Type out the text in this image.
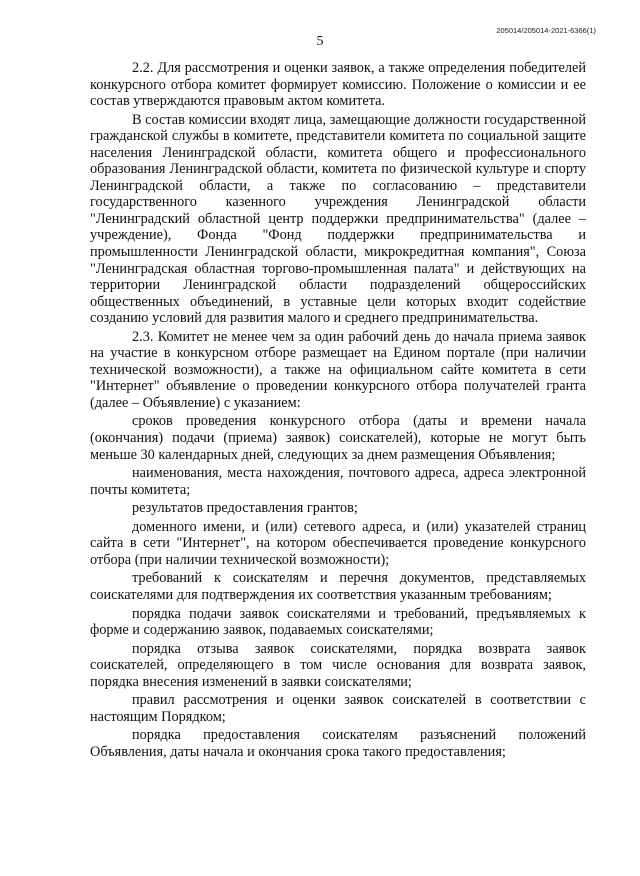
205014/205014-2021-6366(1)
5

2.2. Для рассмотрения и оценки заявок, а также определения победителей конкурсного отбора комитет формирует комиссию. Положение о комиссии и ее состав утверждаются правовым актом комитета.

В состав комиссии входят лица, замещающие должности государственной гражданской службы в комитете, представители комитета по социальной защите населения Ленинградской области, комитета общего и профессионального образования Ленинградской области, комитета по физической культуре и спорту Ленинградской области, а также по согласованию – представители государственного казенного учреждения Ленинградской области "Ленинградский областной центр поддержки предпринимательства" (далее – учреждение), Фонда "Фонд поддержки предпринимательства и промышленности Ленинградской области, микрокредитная компания", Союза "Ленинградская областная торгово-промышленная палата" и действующих на территории Ленинградской области подразделений общероссийских общественных объединений, в уставные цели которых входит содействие созданию условий для развития малого и среднего предпринимательства.

2.3. Комитет не менее чем за один рабочий день до начала приема заявок на участие в конкурсном отборе размещает на Едином портале (при наличии технической возможности), а также на официальном сайте комитета в сети "Интернет" объявление о проведении конкурсного отбора получателей гранта (далее – Объявление) с указанием:

сроков проведения конкурсного отбора (даты и времени начала (окончания) подачи (приема) заявок) соискателей), которые не могут быть меньше 30 календарных дней, следующих за днем размещения Объявления;

наименования, места нахождения, почтового адреса, адреса электронной почты комитета;

результатов предоставления грантов;

доменного имени, и (или) сетевого адреса, и (или) указателей страниц сайта в сети "Интернет", на котором обеспечивается проведение конкурсного отбора (при наличии технической возможности);

требований к соискателям и перечня документов, представляемых соискателями для подтверждения их соответствия указанным требованиям;

порядка подачи заявок соискателями и требований, предъявляемых к форме и содержанию заявок, подаваемых соискателями;

порядка отзыва заявок соискателями, порядка возврата заявок соискателей, определяющего в том числе основания для возврата заявок, порядка внесения изменений в заявки соискателями;

правил рассмотрения и оценки заявок соискателей в соответствии с настоящим Порядком;

порядка предоставления соискателям разъяснений положений Объявления, даты начала и окончания срока такого предоставления;
